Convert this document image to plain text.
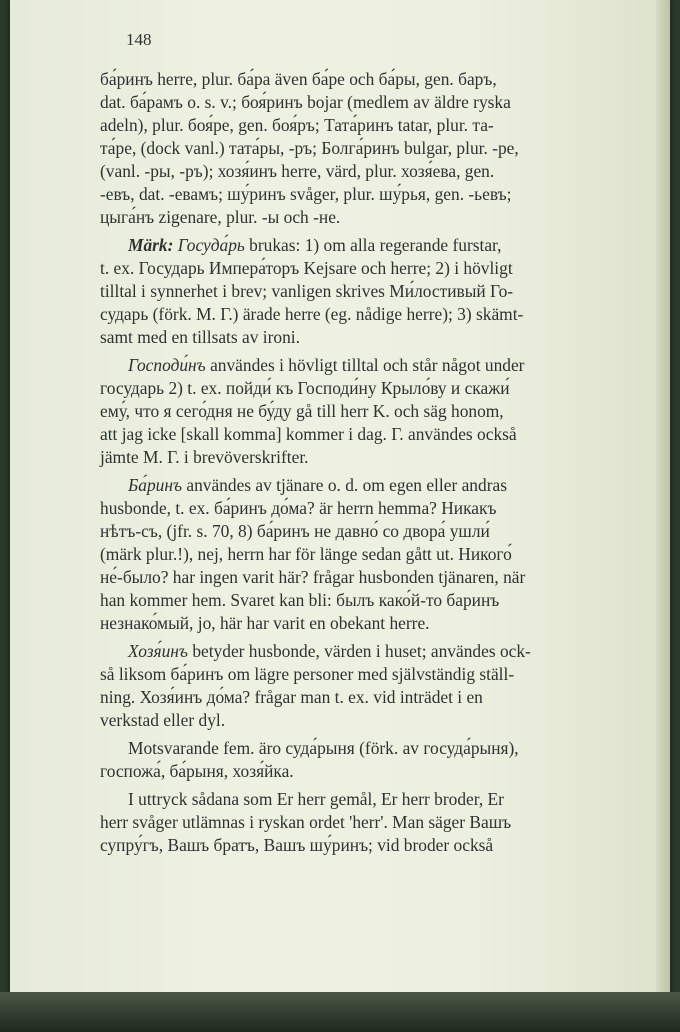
148
ба́ринъ herre, plur. ба́ра även ба́ре och ба́ры, gen. баръ,
dat. ба́рамъ o. s. v.; боя́ринъ bojar (medlem av äldre ryska
adeln), plur. боя́ре, gen. боя́ръ; Тата́ринъ tatar, plur. та-
та́ре, (dock vanl.) тата́ры, -ръ; Болга́ринъ bulgar, plur. -ре,
(vanl. -ры, -ръ); хозя́инъ herre, värd, plur. хозя́ева, gen.
-евъ, dat. -евамъ; шу́ринъ svåger, plur. шу́рья, gen. -ьевъ;
цыга́нъ zigenare, plur. -ы och -не.
Märk: Госуда́рь brukas: 1) om alla regerande furstar,
t. ex. Государь Импера́торъ Kejsare och herre; 2) i hövligt
tilltal i synnerhet i brev; vanligen skrives Ми́лостивый Го-
сударь (förk. М. Г.) ärade herre (eg. nådige herre); 3) skämt-
samt med en tillsats av ironi.
Господи́нъ användes i hövligt tilltal och står något under
государь 2) t. ex. пойди́ къ Господи́ну Крыло́ву и скажи́
ему́, что я сего́дня не бу́ду gå till herr K. och säg honom,
att jag icke [skall komma] kommer i dag. Г. användes också
jämte М. Г. i brevöverskrifter.
Ба́ринъ användes av tjänare o. d. om egen eller andras
husbonde, t. ex. ба́ринъ до́ма? är herrn hemma? Никакъ
нѣтъ-съ, (jfr. s. 70, 8) ба́ринъ не давно́ со двора́ ушли́
(märk plur.!), nej, herrn har för länge sedan gått ut. Никого́
не́-было? har ingen varit här? frågar husbonden tjänaren, när
han kommer hem. Svaret kan bli: былъ како́й-то баринъ
незнако́мый, jo, här har varit en obekant herre.
Хозя́инъ betyder husbonde, värden i huset; användes ock-
så liksom ба́ринъ om lägre personer med självständig ställ-
ning. Хозя́инъ до́ма? frågar man t. ex. vid inträdet i en
verkstad eller dyl.
Motsvarande fem. äro суда́рыня (förk. av госуда́рыня),
госпожа́, ба́рыня, хозя́йка.
I uttryck sådana som Er herr gemål, Er herr broder, Er
herr svåger utlämnas i ryskan ordet 'herr'. Man säger Вашъ
супру́гъ, Вашъ братъ, Вашъ шу́ринъ; vid broder också
